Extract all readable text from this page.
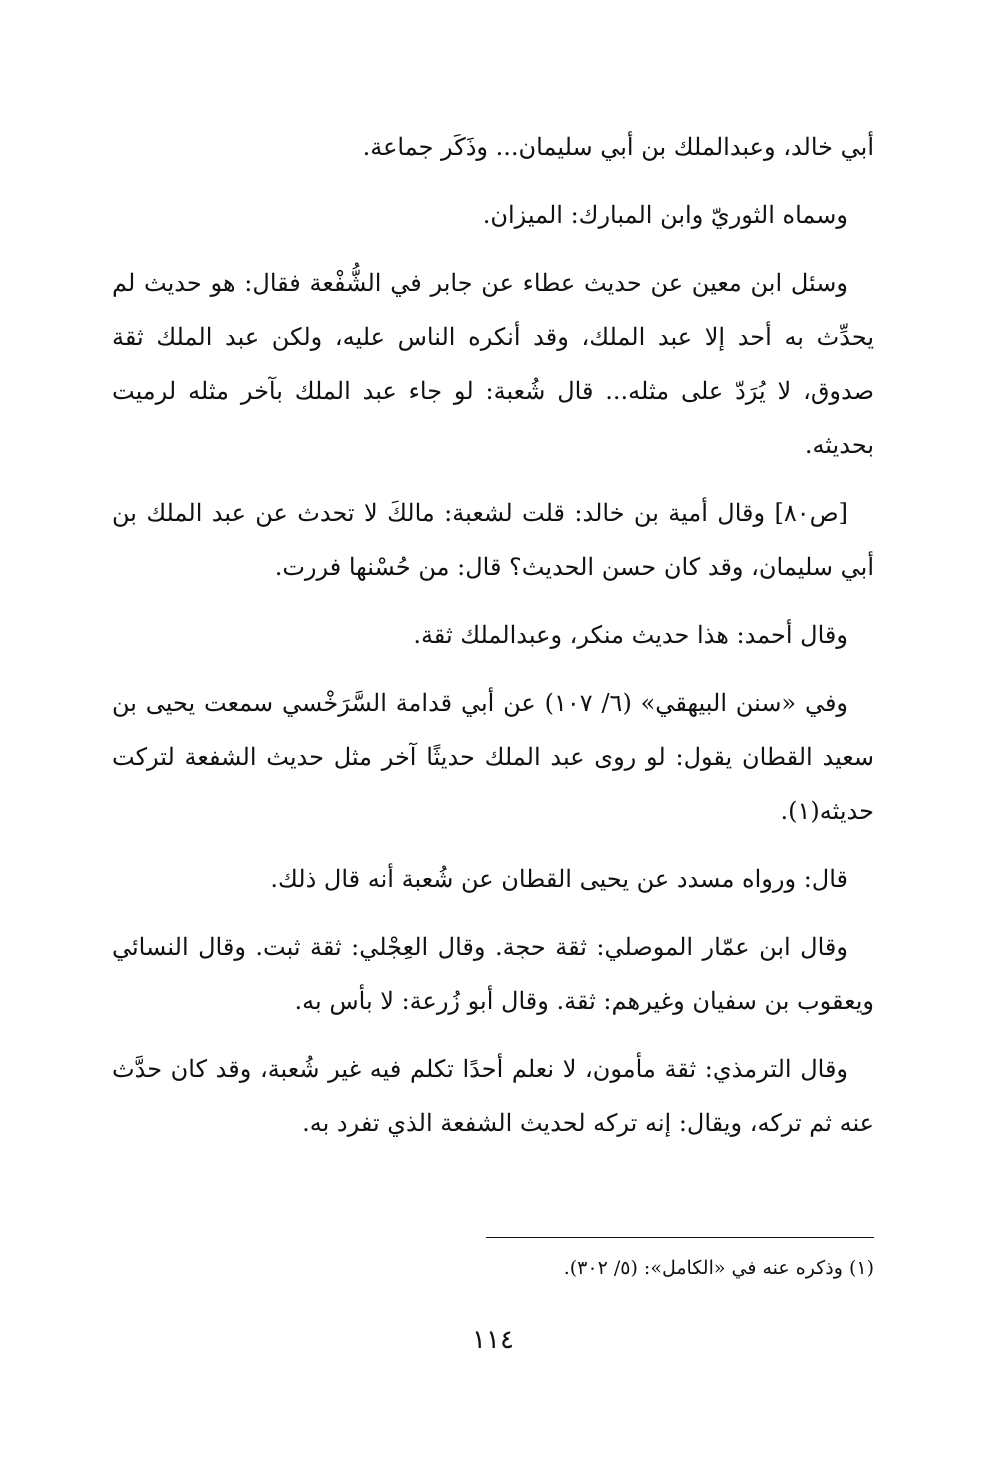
أبي خالد، وعبدالملك بن أبي سليمان... وذَكَر جماعة.

وسماه الثوريّ وابن المبارك: الميزان.

وسئل ابن معين عن حديث عطاء عن جابر في الشُّفْعة فقال: هو حديث لم يحدِّث به أحد إلا عبد الملك، وقد أنكره الناس عليه، ولكن عبد الملك ثقة صدوق، لا يُرَدّ على مثله... قال شُعبة: لو جاء عبد الملك بآخر مثله لرميت بحديثه.

[ص٨٠] وقال أمية بن خالد: قلت لشعبة: مالكَ لا تحدث عن عبد الملك بن أبي سليمان، وقد كان حسن الحديث؟ قال: من حُسْنها فررت.

وقال أحمد: هذا حديث منكر، وعبدالملك ثقة.

وفي «سنن البيهقي» (٦/ ١٠٧) عن أبي قدامة السَّرَخْسي سمعت يحيى بن سعيد القطان يقول: لو روى عبد الملك حديثًا آخر مثل حديث الشفعة لتركت حديثه(١).

قال: ورواه مسدد عن يحيى القطان عن شُعبة أنه قال ذلك.

وقال ابن عمّار الموصلي: ثقة حجة. وقال العِجْلي: ثقة ثبت. وقال النسائي ويعقوب بن سفيان وغيرهم: ثقة. وقال أبو زُرعة: لا بأس به.

وقال الترمذي: ثقة مأمون، لا نعلم أحدًا تكلم فيه غير شُعبة، وقد كان حدَّث عنه ثم تركه، ويقال: إنه تركه لحديث الشفعة الذي تفرد به.

(١) وذكره عنه في «الكامل»: (٥/ ٣٠٢).

١١٤
